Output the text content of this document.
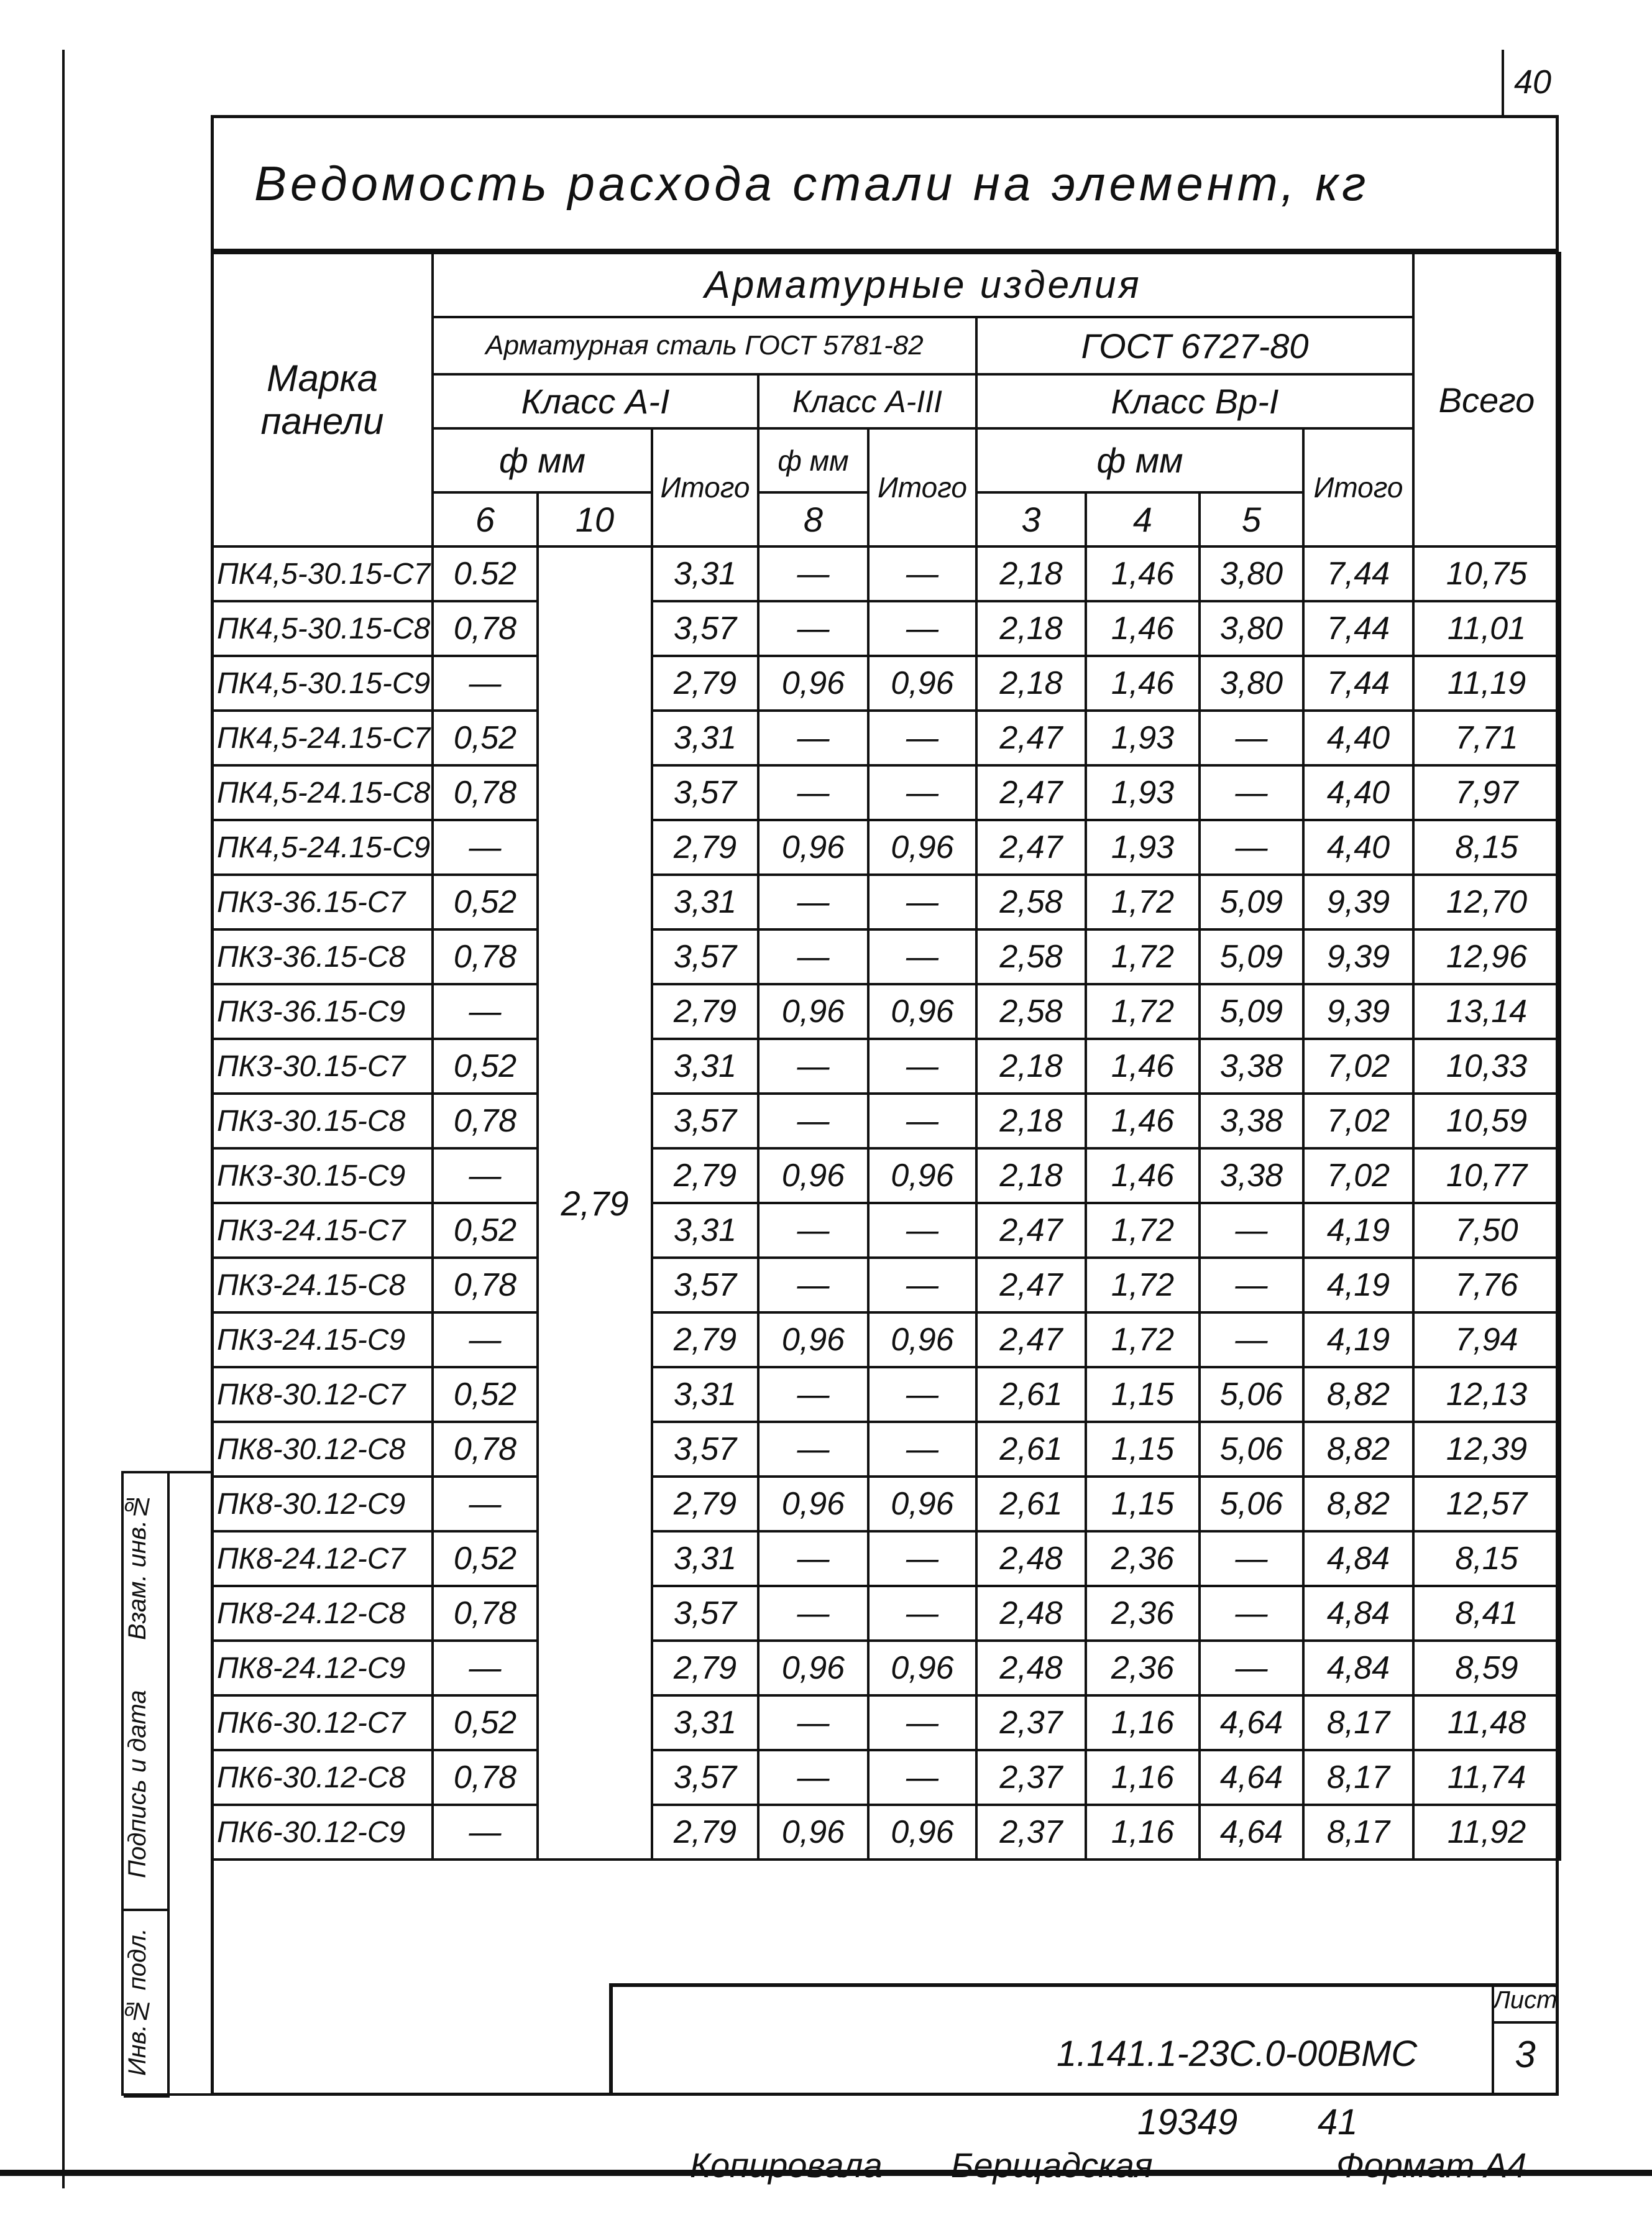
40
Ведомость расхода стали на элемент, кг
Марка панели	Арматурные изделия									Всего
	Арматурная сталь ГОСТ 5781-82					ГОСТ 6727-80				
	Класс А-I			Класс А-III		Класс Вр-I				
	ф мм		Итого	ф мм	Итого	ф мм			Итого	
	6	10		8		3	4	5		
ПК4,5-30.15-С7	0.52	2,79	3,31	—	—	2,18	1,46	3,80	7,44	10,75
ПК4,5-30.15-С8	0,78		3,57	—	—	2,18	1,46	3,80	7,44	11,01
ПК4,5-30.15-С9	—		2,79	0,96	0,96	2,18	1,46	3,80	7,44	11,19
ПК4,5-24.15-С7	0,52		3,31	—	—	2,47	1,93	—	4,40	7,71
ПК4,5-24.15-С8	0,78		3,57	—	—	2,47	1,93	—	4,40	7,97
ПК4,5-24.15-С9	—		2,79	0,96	0,96	2,47	1,93	—	4,40	8,15
ПК3-36.15-С7	0,52		3,31	—	—	2,58	1,72	5,09	9,39	12,70
ПК3-36.15-С8	0,78		3,57	—	—	2,58	1,72	5,09	9,39	12,96
ПК3-36.15-С9	—		2,79	0,96	0,96	2,58	1,72	5,09	9,39	13,14
ПК3-30.15-С7	0,52		3,31	—	—	2,18	1,46	3,38	7,02	10,33
ПК3-30.15-С8	0,78		3,57	—	—	2,18	1,46	3,38	7,02	10,59
ПК3-30.15-С9	—		2,79	0,96	0,96	2,18	1,46	3,38	7,02	10,77
ПК3-24.15-С7	0,52		3,31	—	—	2,47	1,72	—	4,19	7,50
ПК3-24.15-С8	0,78		3,57	—	—	2,47	1,72	—	4,19	7,76
ПК3-24.15-С9	—		2,79	0,96	0,96	2,47	1,72	—	4,19	7,94
ПК8-30.12-С7	0,52		3,31	—	—	2,61	1,15	5,06	8,82	12,13
ПК8-30.12-С8	0,78		3,57	—	—	2,61	1,15	5,06	8,82	12,39
ПК8-30.12-С9	—		2,79	0,96	0,96	2,61	1,15	5,06	8,82	12,57
ПК8-24.12-С7	0,52		3,31	—	—	2,48	2,36	—	4,84	8,15
ПК8-24.12-С8	0,78		3,57	—	—	2,48	2,36	—	4,84	8,41
ПК8-24.12-С9	—		2,79	0,96	0,96	2,48	2,36	—	4,84	8,59
ПК6-30.12-С7	0,52		3,31	—	—	2,37	1,16	4,64	8,17	11,48
ПК6-30.12-С8	0,78		3,57	—	—	2,37	1,16	4,64	8,17	11,74
ПК6-30.12-С9	—		2,79	0,96	0,96	2,37	1,16	4,64	8,17	11,92
Взам. инв.№
Подпись и дата
Инв.№ подл.	1.141.1-23С.0-00ВМС
Лист
3
19349 41
Копировала Берщадская	Формат А4
